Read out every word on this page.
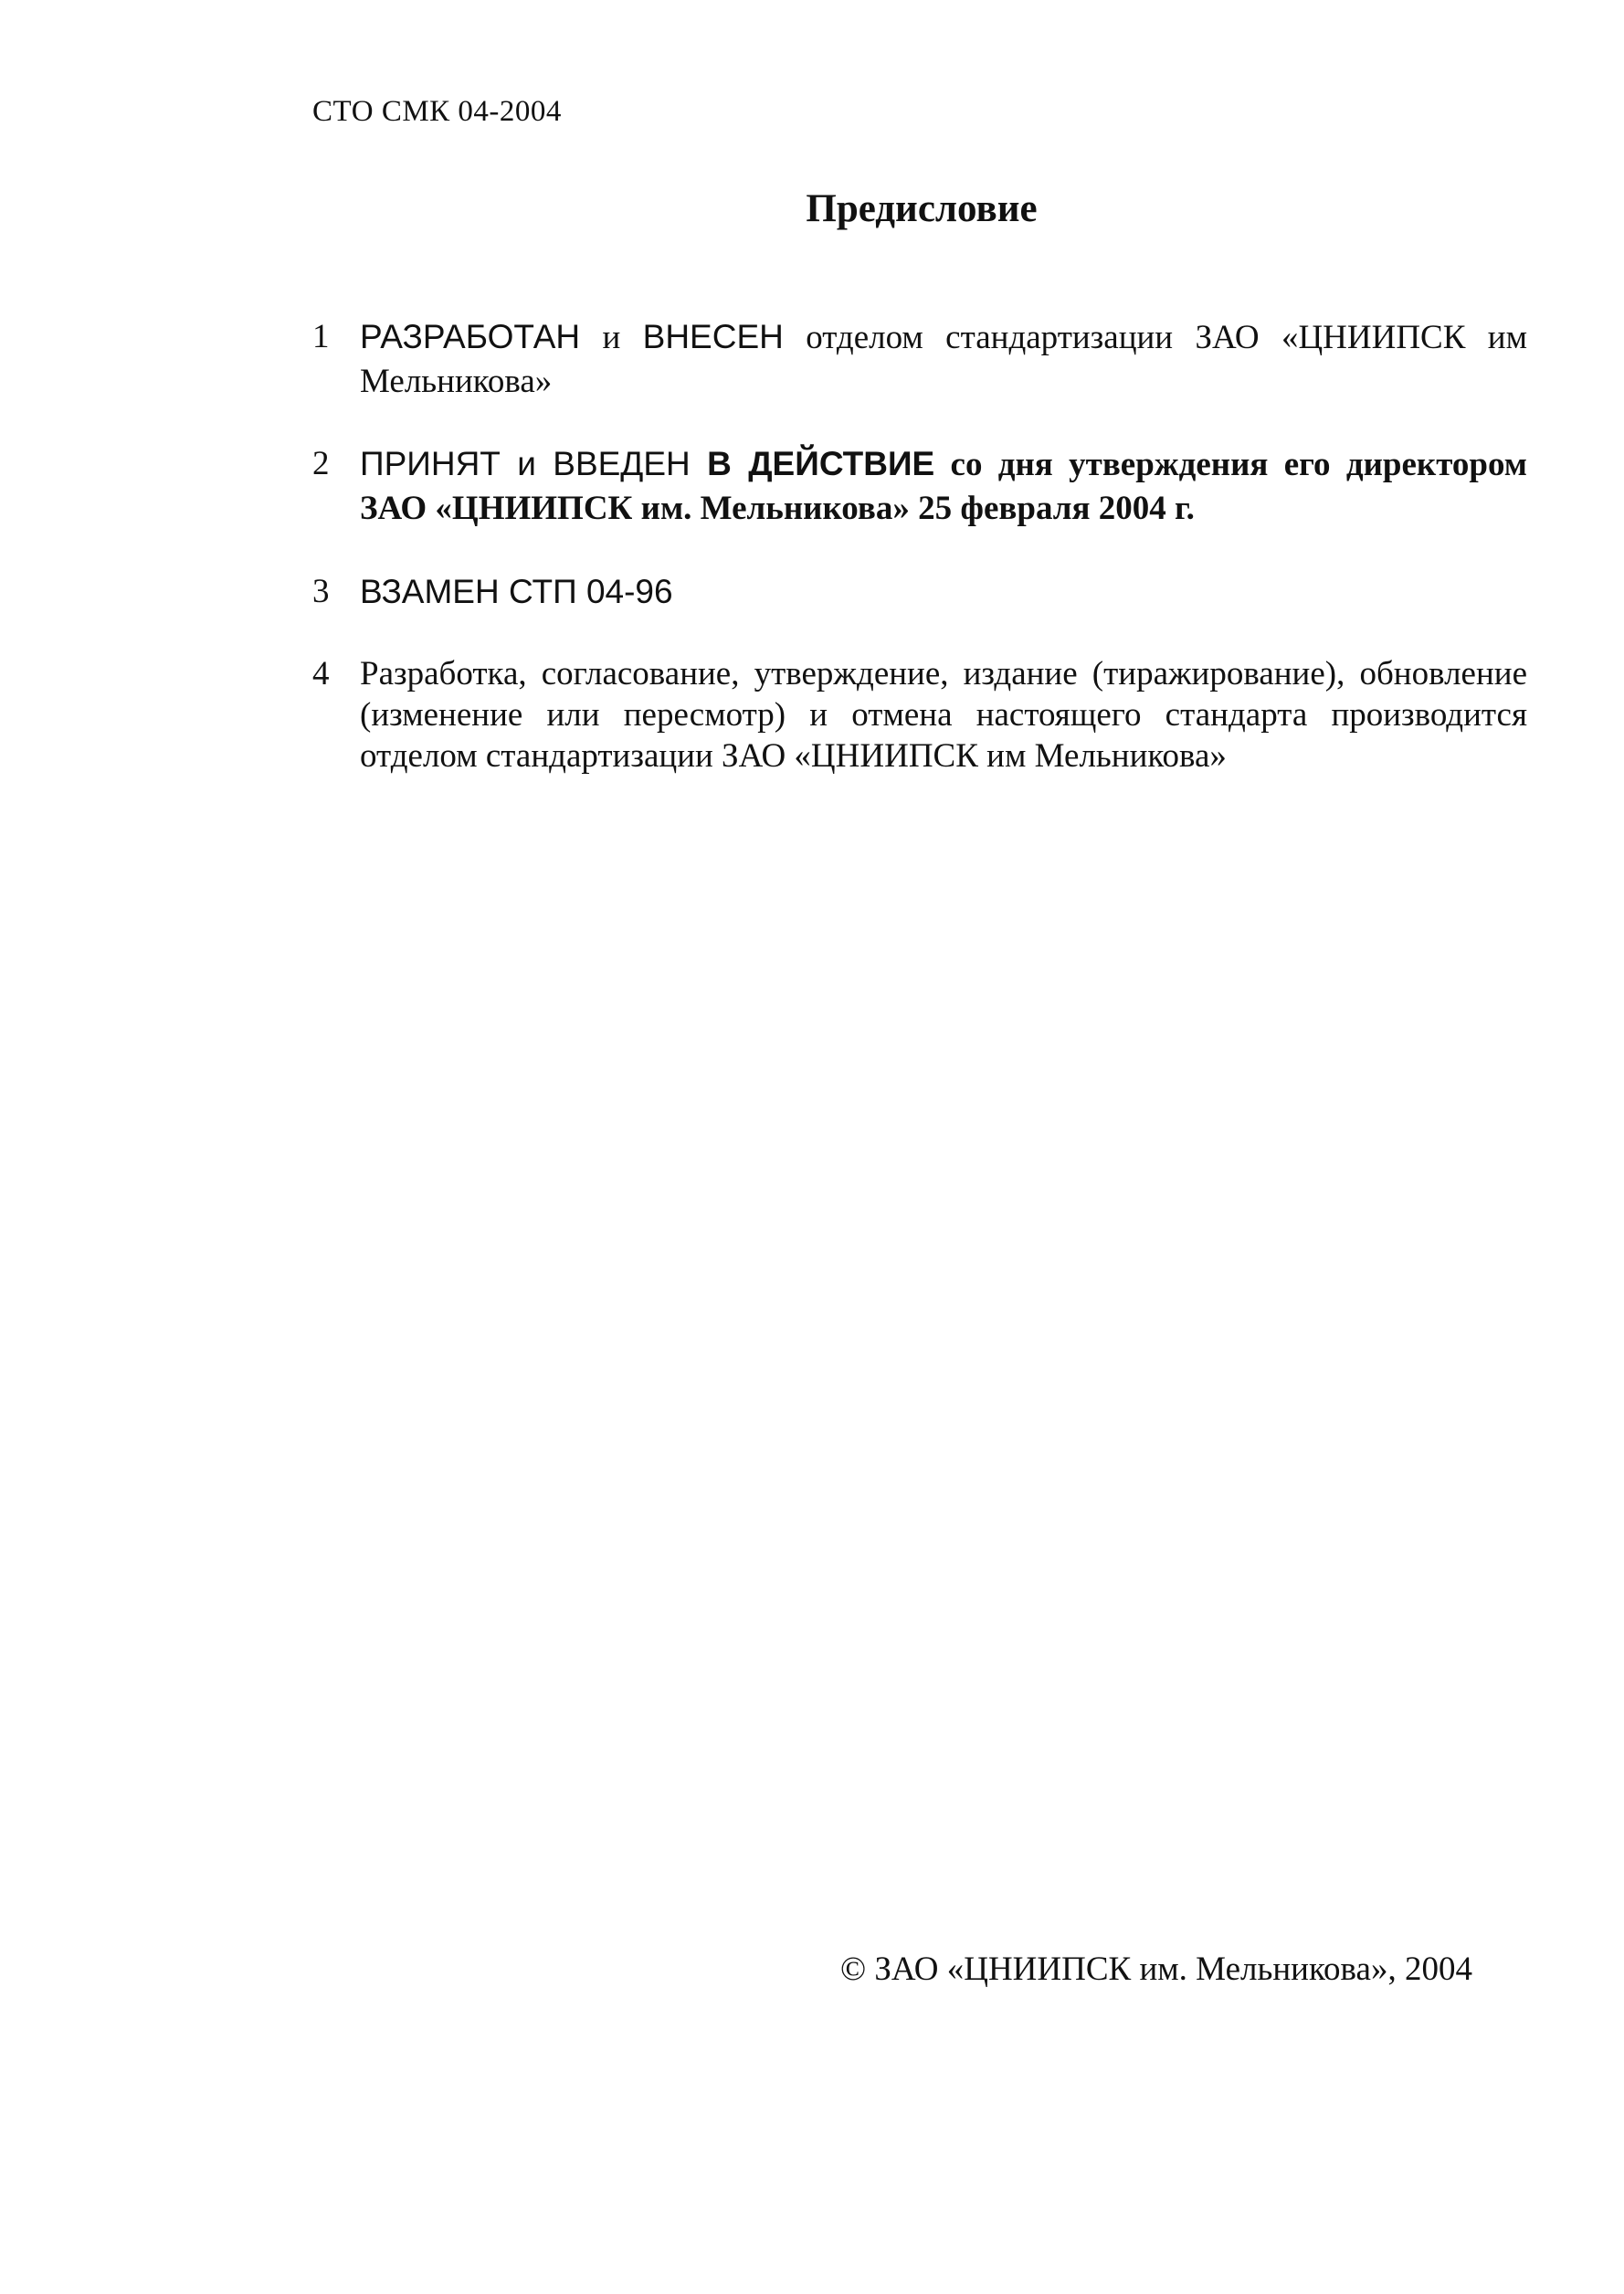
СТО СМК 04-2004
Предисловие
1 РАЗРАБОТАН и ВНЕСЕН отделом стандартизации ЗАО «ЦНИИПСК им Мельникова»
2 ПРИНЯТ и ВВЕДЕН В ДЕЙСТВИЕ со дня утверждения его директором ЗАО «ЦНИИПСК им. Мельникова» 25 февраля 2004 г.
3 ВЗАМЕН СТП 04-96
4 Разработка, согласование, утверждение, издание (тиражирование), обновление (изменение или пересмотр) и отмена настоящего стандарта производится отделом стандартизации ЗАО «ЦНИИПСК им Мельникова»
© ЗАО «ЦНИИПСК им. Мельникова», 2004
